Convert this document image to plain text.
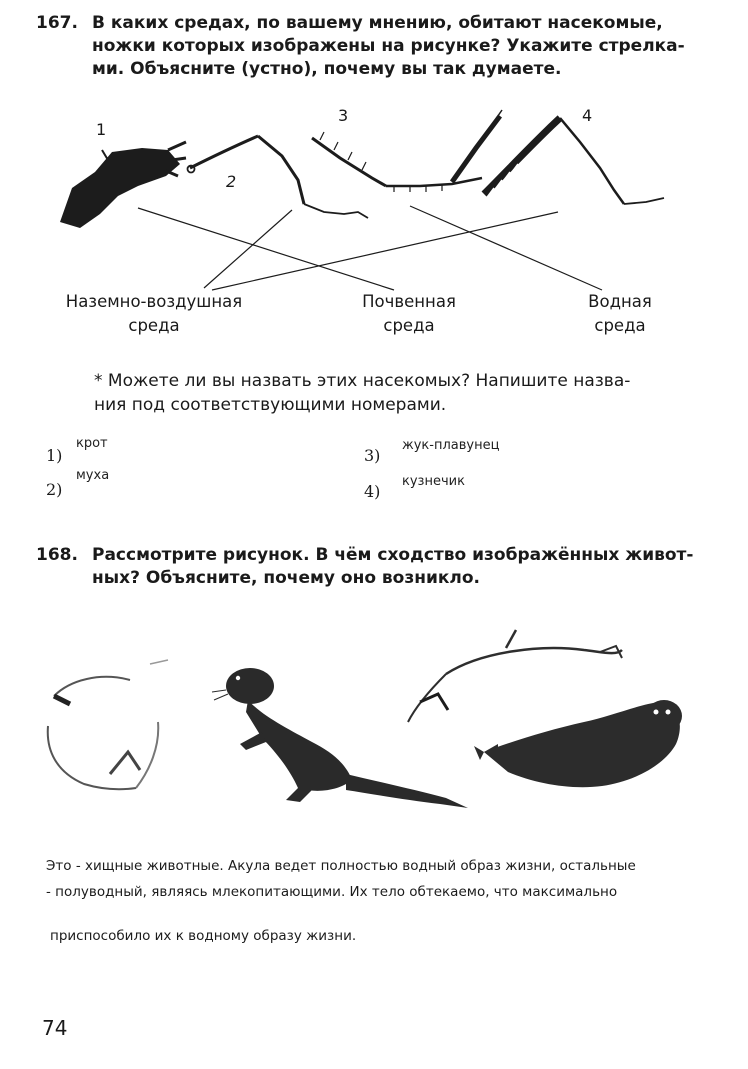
167. В каких средах, по вашему мнению, обитают насекомые,
ножки которых изображены на рисунке? Укажите стрелка-
ми. Объясните (устно), почему вы так думаете.
1
2
3	4
Наземно-воздушная
среда
Почвенная
среда
Водная
среда
* Можете ли вы назвать этих насекомых? Напишите назва-
ния под соответствующими номерами.
1)
крот
2)
муха
3)
жук-плавунец
4)
кузнечик
168. Рассмотрите рисунок. В чём сходство изображённых живот-
ных? Объясните, почему оно возникло.
Это - хищные животные. Акула ведет полностью водный образ жизни, остальные
- полуводный, являясь млекопитающими. Их тело обтекаемо, что максимально
приспособило их к водному образу жизни.
74
